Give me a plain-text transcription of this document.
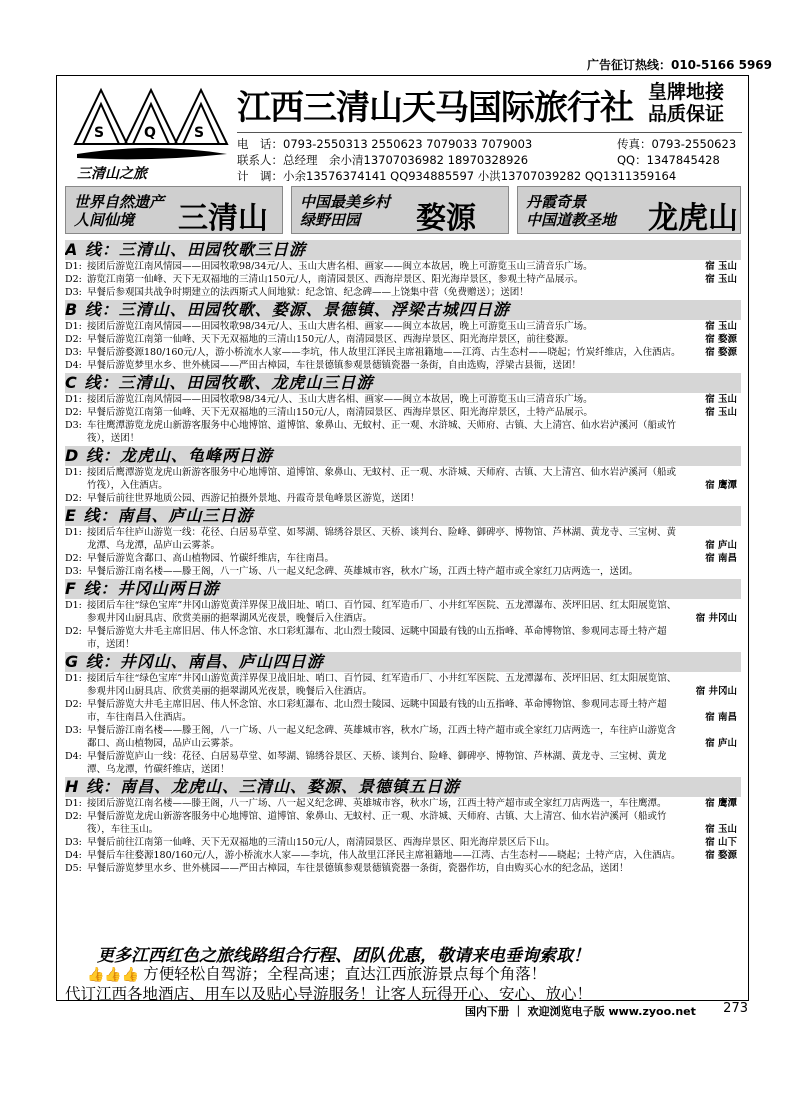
广告征订热线：010-5166 5969
S	Q	S
三清山之旅
江西三清山天马国际旅行社 皇牌地接
品质保证
电　话：0793-2550313 2550623 7079033 7079003	传真：0793-2550623
联系人：总经理　余小清13707036982 18970328926	QQ：1347845428
计　调：小余13576374141 QQ934885597 小洪13707039282 QQ1311359164
世界自然遗产
人间仙境	三清山 中国最美乡村
绿野田园	婺源	丹霞奇景
中国道教圣地 龙虎山
A 线：三清山、田园牧歌三日游
D1: 接团后游览江南风情园——田园牧歌98/34元/人、玉山大唐名相、画家——闽立本故居，晚上可游览玉山三清音乐广场。	宿 玉山
D2: 游览江南第一仙峰、天下无双福地的三清山150元/人，南清园景区、西海岸景区、阳光海岸景区，参观土特产品展示。	宿 玉山
D3: 早餐后参观国共战争时期建立的法西斯式人间地狱：纪念馆、纪念碑——上饶集中营（免费赠送）；送团！
B 线：三清山、田园牧歌、婺源、景德镇、浮梁古城四日游
D1: 接团后游览江南风情园——田园牧歌98/34元/人、玉山大唐名相、画家——闽立本故居，晚上可游览玉山三清音乐广场。	宿 玉山
D2: 早餐后游览江南第一仙峰、天下无双福地的三清山150元/人，南清园景区、西海岸景区、阳光海岸景区，前往婺源。	宿 婺源
D3: 早餐后游婺源180/160元/人，游小桥流水人家——李坑，伟人故里江泽民主席祖籍地——江湾、古生态村——晓起；竹炭纤维店，入住酒店。	宿 婺源
D4: 早餐后游览梦里水乡、世外桃园——严田古樟园，车往景德镇参观景德镇瓷器一条街，自由选购，浮梁古县衙，送团！
C 线：三清山、田园牧歌、龙虎山三日游
D1: 接团后游览江南风情园——田园牧歌98/34元/人、玉山大唐名相、画家——闽立本故居，晚上可游览玉山三清音乐广场。	宿 玉山
D2: 早餐后游览江南第一仙峰、天下无双福地的三清山150元/人，南清园景区、西海岸景区、阳光海岸景区，土特产品展示。	宿 玉山
D3: 车往鹰潭游览龙虎山新游客服务中心地博馆、道博馆、象鼻山、无蚊村、正一观、水浒城、天师府、古镇、大上清宫、仙水岩泸溪河（船或竹筏），送团！
D 线：龙虎山、龟峰两日游
D1: 接团后鹰潭游览龙虎山新游客服务中心地博馆、道博馆、象鼻山、无蚊村、正一观、水浒城、天师府、古镇、大上清宫、仙水岩泸溪河（船或竹筏），入住酒店。	宿 鹰潭
D2: 早餐后前往世界地质公园、西游记拍摄外景地、丹霞奇景龟峰景区游览，送团！
E 线：南昌、庐山三日游
D1: 接团后车往庐山游览一线：花径、白居易草堂、如琴湖、锦绣谷景区、天桥、谈判台、险峰、御碑亭、博物馆、芦林湖、黄龙寺、三宝树、黄龙潭、乌龙潭，品庐山云雾茶。	宿 庐山
D2: 早餐后游览含鄱口、高山植物园、竹碳纤维店，车往南昌。	宿 南昌
D3: 早餐后游江南名楼——滕王阁，八一广场、八一起义纪念碑、英雄城市容，秋水广场，江西土特产超市或全家红刀店两选一，送团。
F 线：井冈山两日游
D1: 接团后车往“绿色宝库”井冈山游览黄洋界保卫战旧址、哨口、百竹园、红军造币厂、小井红军医院、五龙潭瀑布、茨坪旧居、红太阳展览馆、参观井冈山厨具店、欣赏美丽的挹翠湖风光夜景，晚餐后入住酒店。	宿 井冈山
D2: 早餐后游览大井毛主席旧居、伟人怀念馆、水口彩虹瀑布、北山烈士陵园、远眺中国最有钱的山五指峰、革命博物馆、参观同志哥土特产超市，送团！
G 线：井冈山、南昌、庐山四日游
D1: 接团后车往“绿色宝库”井冈山游览黄洋界保卫战旧址、哨口、百竹园、红军造币厂、小井红军医院、五龙潭瀑布、茨坪旧居、红太阳展览馆、参观井冈山厨具店、欣赏美丽的挹翠湖风光夜景，晚餐后入住酒店。	宿 井冈山
D2: 早餐后游览大井毛主席旧居、伟人怀念馆、水口彩虹瀑布、北山烈士陵园、远眺中国最有钱的山五指峰、革命博物馆、参观同志哥土特产超市，车往南昌入住酒店。	宿 南昌
D3: 早餐后游江南名楼——滕王阁，八一广场、八一起义纪念碑、英雄城市容，秋水广场，江西土特产超市或全家红刀店两选一，车往庐山游览含鄱口、高山植物园，品庐山云雾茶。	宿 庐山
D4: 早餐后游览庐山一线：花径、白居易草堂、如琴湖、锦绣谷景区、天桥、谈判台、险峰、御碑亭、博物馆、芦林湖、黄龙寺、三宝树、黄龙潭、乌龙潭，竹碳纤维店，送团！
H 线：南昌、龙虎山、三清山、婺源、景德镇五日游
D1: 接团后游览江南名楼——滕王阁，八一广场、八一起义纪念碑、英雄城市容，秋水广场，江西土特产超市或全家红刀店两选一，车往鹰潭。	宿 鹰潭
D2: 早餐后游览龙虎山新游客服务中心地博馆、道博馆、象鼻山、无蚊村、正一观、水浒城、天师府、古镇、大上清宫、仙水岩泸溪河（船或竹筏），车往玉山。	宿 玉山
D3: 早餐后前往江南第一仙峰、天下无双福地的三清山150元/人，南清园景区、西海岸景区、阳光海岸景区后下山。	宿 山下
D4: 早餐后车往婺源180/160元/人，游小桥流水人家——李坑，伟人故里江泽民主席祖籍地——江湾、古生态村——晓起；土特产店，入住酒店。	宿 婺源
D5: 早餐后游览梦里水乡、世外桃园——严田古樟园，车往景德镇参观景德镇瓷器一条街，瓷器作坊，自由购买心水的纪念品，送团！
更多江西红色之旅线路组合行程、团队优惠，敬请来电垂询索取！
👍👍👍 方便轻松自驾游；全程高速；直达江西旅游景点每个角落！
代订江西各地酒店、用车以及贴心导游服务！让客人玩得开心、安心、放心！
国内下册 ｜ 欢迎浏览电子版 www.zyoo.net 273
